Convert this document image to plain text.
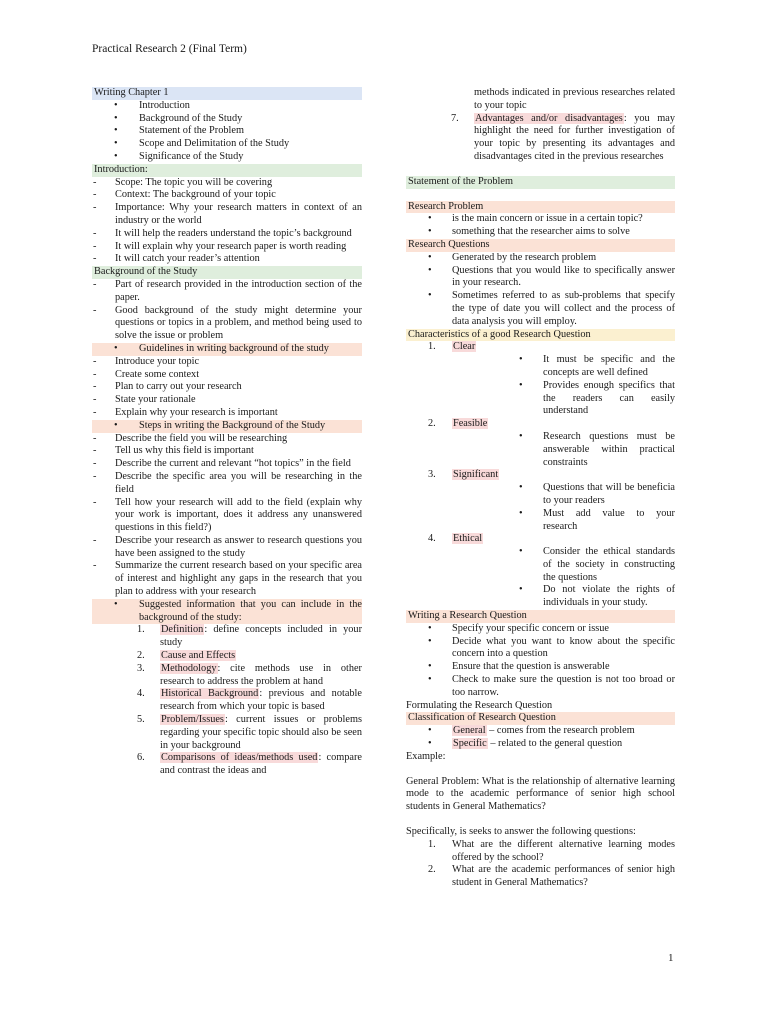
Practical Research 2 (Final Term)
Writing Chapter 1
•	Introduction
•	Background of the Study
•	Statement of the Problem
•	Scope and Delimitation of the Study
•	Significance of the Study
Introduction:
-	Scope: The topic you will be covering
-	Context: The background of your topic
-	Importance: Why your research matters in context of an industry or the world
-	It will help the readers understand the topic’s background
-	It will explain why your research paper is worth reading
-	It will catch your reader’s attention
Background of the Study
-	Part of research provided in the introduction section of the paper.
-	Good background of the study might determine your questions or topics in a problem, and method being used to solve the issue or problem
•	Guidelines in writing background of the study
-	Introduce your topic
-	Create some context
-	Plan to carry out your research
-	State your rationale
-	Explain why your research is important
•	Steps in writing the Background of the Study
-	Describe the field you will be researching
-	Tell us why this field is important
-	Describe the current and relevant “hot topics” in the field
-	Describe the specific area you will be researching in the field
-	Tell how your research will add to the field (explain why your work is important, does it address any unanswered questions in this field?)
-	Describe your research as answer to research questions you have been assigned to the study
-	Summarize the current research based on your specific area of interest and highlight any gaps in the research that you plan to address with your research
•	Suggested information that you can include in the background of the study:
1.	Definition: define concepts included in your study
2.	Cause and Effects
3.	Methodology: cite methods use in other research to address the problem at hand
4.	Historical Background: previous and notable research from which your topic is based
5.	Problem/Issues: current issues or problems regarding your specific topic should also be seen in your background
6.	Comparisons of ideas/methods used: compare and contrast the ideas and
methods indicated in previous researches related to your topic
7.	Advantages and/or disadvantages: you may highlight the need for further investigation of your topic by presenting its advantages and disadvantages cited in the previous researches
Statement of the Problem
Research Problem
•	is the main concern or issue in a certain topic?
•	something that the researcher aims to solve
Research Questions
•	Generated by the research problem
•	Questions that you would like to specifically answer in your research.
•	Sometimes referred to as sub-problems that specify the type of date you will collect and the process of data analysis you will employ.
Characteristics of a good Research Question
1.	Clear
•	It must be specific and the concepts are well defined
•	Provides enough specifics that the readers can easily understand
2.	Feasible
•	Research questions must be answerable within practical constraints
3.	Significant
•	Questions that will be beneficia to your readers
•	Must add value to your research
4.	Ethical
•	Consider the ethical standards of the society in constructing the questions
•	Do not violate the rights of individuals in your study.
Writing a Research Question
•	Specify your specific concern or issue
•	Decide what you want to know about the specific concern into a question
•	Ensure that the question is answerable
•	Check to make sure the question is not too broad or too narrow.
Formulating the Research Question
Classification of Research Question
•	General – comes from the research problem
•	Specific – related to the general question
Example:
General Problem: What is the relationship of alternative learning mode to the academic performance of senior high school students in General Mathematics?
Specifically, is seeks to answer the following questions:
1.	What are the different alternative learning modes offered by the school?
2.	What are the academic performances of senior high student in General Mathematics?
1
